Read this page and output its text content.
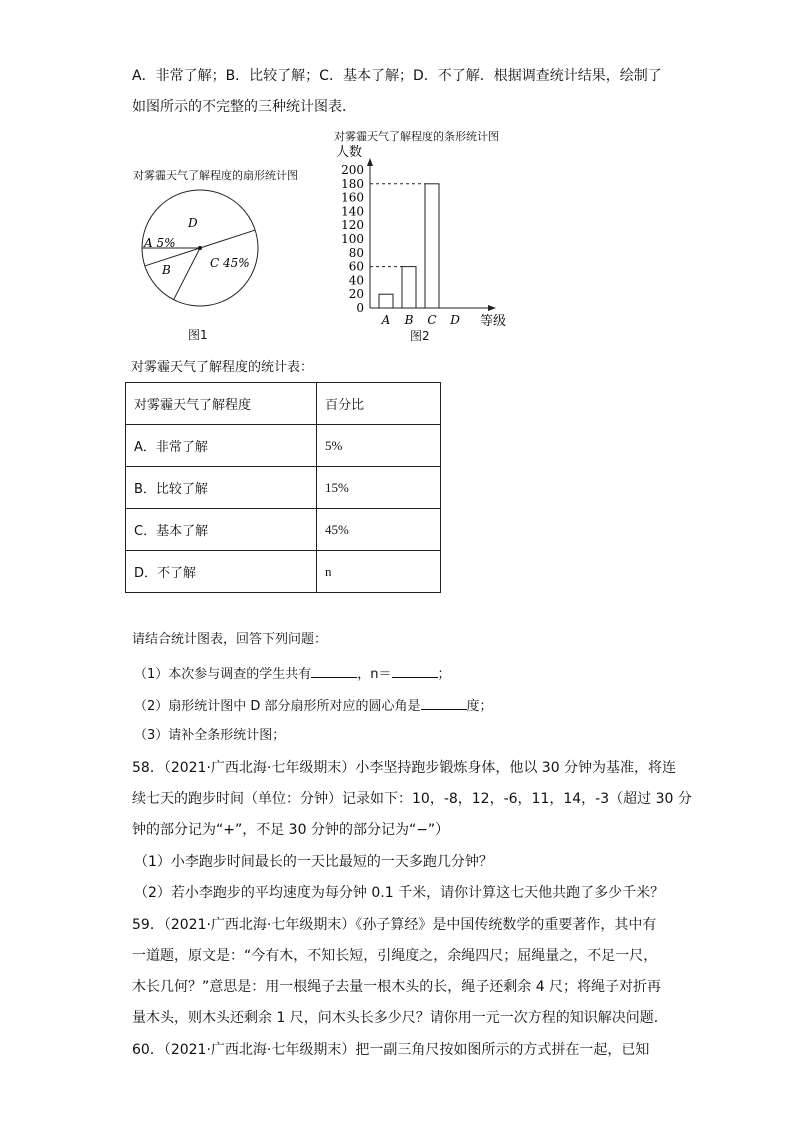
A．非常了解；B．比较了解；C．基本了解；D．不了解．根据调查统计结果，绘制了
如图所示的不完整的三种统计图表．
对雾霾天气了解程度的扇形统计图
D
A 5%
B	C 45%
图1
对雾霾天气了解程度的条形统计图
人数
200
180
160
140
120
100
80
60
40
20
0
A B C D 等级
图2
对雾霾天气了解程度的统计表：
对雾霾天气了解程度	百分比
A．非常了解	5%
B．比较了解	15%
C．基本了解	45%
D．不了解	n
请结合统计图表，回答下列问题：
（1）本次参与调查的学生共有	，n＝	；
（2）扇形统计图中 D 部分扇形所对应的圆心角是	度；
（3）请补全条形统计图；
58．（2021·广西北海·七年级期末）小李坚持跑步锻炼身体，他以 30 分钟为基准，将连
续七天的跑步时间（单位：分钟）记录如下：10，-8，12，-6，11，14，-3（超过 30 分
钟的部分记为“+”，不足 30 分钟的部分记为“−”）
（1）小李跑步时间最长的一天比最短的一天多跑几分钟？
（2）若小李跑步的平均速度为每分钟 0.1 千米，请你计算这七天他共跑了多少千米？
59．（2021·广西北海·七年级期末）《孙子算经》是中国传统数学的重要著作，其中有
一道题，原文是：“今有木，不知长短，引绳度之，余绳四尺；屈绳量之，不足一尺，
木长几何？”意思是：用一根绳子去量一根木头的长，绳子还剩余 4 尺；将绳子对折再
量木头，则木头还剩余 1 尺，问木头长多少尺？请你用一元一次方程的知识解决问题．
60．（2021·广西北海·七年级期末）把一副三角尺按如图所示的方式拼在一起，已知
